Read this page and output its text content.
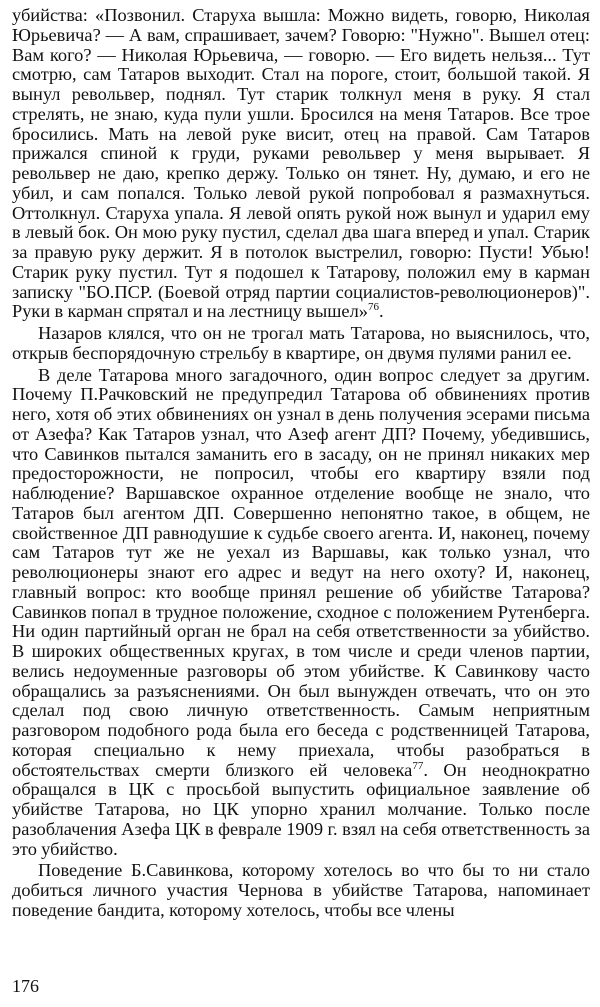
убийства: «Позвонил. Старуха вышла: Можно видеть, говорю, Николая Юрьевича? — А вам, спрашивает, зачем? Говорю: "Нужно". Вышел отец: Вам кого? — Николая Юрьевича, — говорю. — Его видеть нельзя... Тут смотрю, сам Татаров выходит. Стал на пороге, стоит, большой такой. Я вынул револьвер, поднял. Тут старик толкнул меня в руку. Я стал стрелять, не знаю, куда пули ушли. Бросился на меня Татаров. Все трое бросились. Мать на левой руке висит, отец на правой. Сам Татаров прижался спиной к груди, руками револьвер у меня вырывает. Я револьвер не даю, крепко держу. Только он тянет. Ну, думаю, и его не убил, и сам попался. Только левой рукой попробовал я размахнуться. Оттолкнул. Старуха упала. Я левой опять рукой нож вынул и ударил ему в левый бок. Он мою руку пустил, сделал два шага вперед и упал. Старик за правую руку держит. Я в потолок выстрелил, говорю: Пусти! Убью! Старик руку пустил. Тут я подошел к Татарову, положил ему в карман записку "БО.ПСР. (Боевой отряд партии социалистов-революционеров)". Руки в карман спрятал и на лестницу вышел»$^{76}$.

Назаров клялся, что он не трогал мать Татарова, но выяснилось, что, открыв беспорядочную стрельбу в квартире, он двумя пулями ранил ее.

В деле Татарова много загадочного, один вопрос следует за другим. Почему П.Рачковский не предупредил Татарова об обвинениях против него, хотя об этих обвинениях он узнал в день получения эсерами письма от Азефа? Как Татаров узнал, что Азеф агент ДП? Почему, убедившись, что Савинков пытался заманить его в засаду, он не принял никаких мер предосторожности, не попросил, чтобы его квартиру взяли под наблюдение? Варшавское охранное отделение вообще не знало, что Татаров был агентом ДП. Совершенно непонятно такое, в общем, не свойственное ДП равнодушие к судьбе своего агента. И, наконец, почему сам Татаров тут же не уехал из Варшавы, как только узнал, что революционеры знают его адрес и ведут на него охоту? И, наконец, главный вопрос: кто вообще принял решение об убийстве Татарова? Савинков попал в трудное положение, сходное с положением Рутенберга. Ни один партийный орган не брал на себя ответственности за убийство. В широких общественных кругах, в том числе и среди членов партии, велись недоуменные разговоры об этом убийстве. К Савинкову часто обращались за разъяснениями. Он был вынужден отвечать, что он это сделал под свою личную ответственность. Самым неприятным разговором подобного рода была его беседа с родственницей Татарова, которая специально к нему приехала, чтобы разобраться в обстоятельствах смерти близкого ей человека$^{77}$. Он неоднократно обращался в ЦК с просьбой выпустить официальное заявление об убийстве Татарова, но ЦК упорно хранил молчание. Только после разоблачения Азефа ЦК в феврале 1909 г. взял на себя ответственность за это убийство.

Поведение Б.Савинкова, которому хотелось во что бы то ни стало добиться личного участия Чернова в убийстве Татарова, напоминает поведение бандита, которому хотелось, чтобы все члены

176
